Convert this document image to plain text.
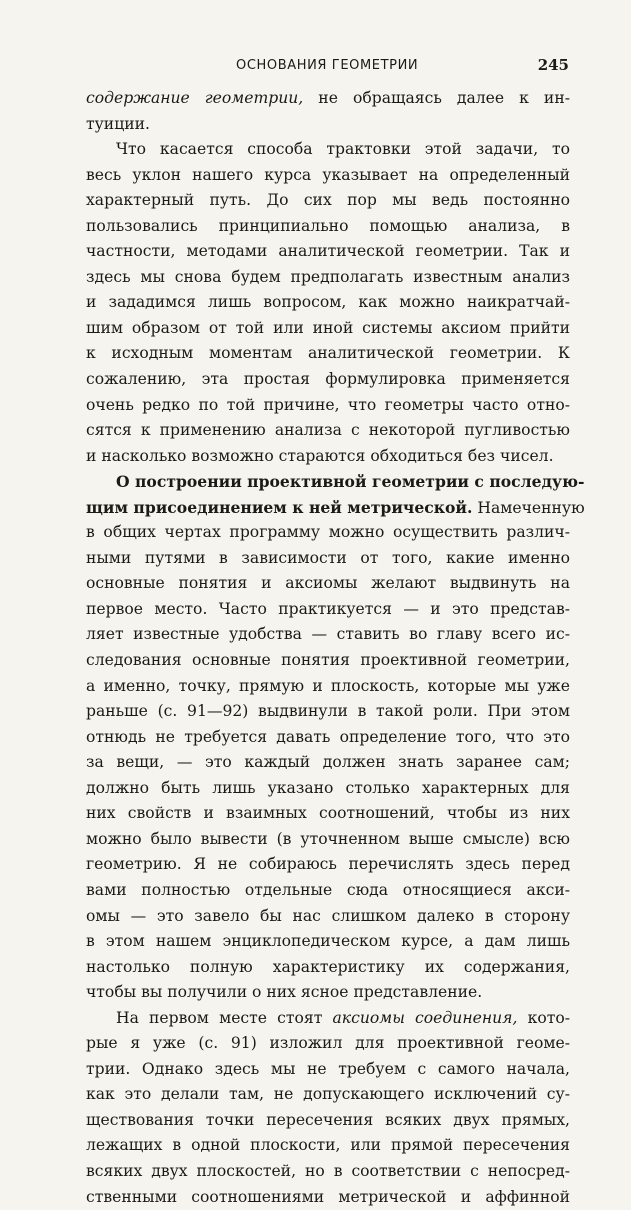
ОСНОВАНИЯ ГЕОМЕТРИИ	245
содержание геометрии, не обращаясь далее к ин-
туиции.
Что касается способа трактовки этой задачи, то
весь уклон нашего курса указывает на определенный
характерный путь. До сих пор мы ведь постоянно
пользовались принципиально помощью анализа, в
частности, методами аналитической геометрии. Так и
здесь мы снова будем предполагать известным анализ
и зададимся лишь вопросом, как можно наикратчай-
шим образом от той или иной системы аксиом прийти
к исходным моментам аналитической геометрии. К
сожалению, эта простая формулировка применяется
очень редко по той причине, что геометры часто отно-
сятся к применению анализа с некоторой пугливостью
и насколько возможно стараются обходиться без чисел.
О построении проективной геометрии с последую-
щим присоединением к ней метрической. Намеченную
в общих чертах программу можно осуществить различ-
ными путями в зависимости от того, какие именно
основные понятия и аксиомы желают выдвинуть на
первое место. Часто практикуется — и это представ-
ляет известные удобства — ставить во главу всего ис-
следования основные понятия проективной геометрии,
а именно, точку, прямую и плоскость, которые мы уже
раньше (с. 91—92) выдвинули в такой роли. При этом
отнюдь не требуется давать определение того, что это
за вещи, — это каждый должен знать заранее сам;
должно быть лишь указано столько характерных для
них свойств и взаимных соотношений, чтобы из них
можно было вывести (в уточненном выше смысле) всю
геометрию. Я не собираюсь перечислять здесь перед
вами полностью отдельные сюда относящиеся акси-
омы — это завело бы нас слишком далеко в сторону
в этом нашем энциклопедическом курсе, а дам лишь
настолько полную характеристику их содержания,
чтобы вы получили о них ясное представление.
На первом месте стоят аксиомы соединения, кото-
рые я уже (с. 91) изложил для проективной геоме-
трии. Однако здесь мы не требуем с самого начала,
как это делали там, не допускающего исключений су-
ществования точки пересечения всяких двух прямых,
лежащих в одной плоскости, или прямой пересечения
всяких двух плоскостей, но в соответствии с непосред-
ственными соотношениями метрической и аффинной
